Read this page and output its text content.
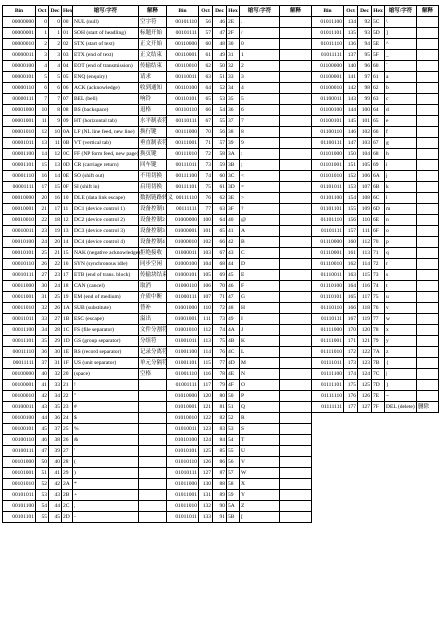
Bin	Oct	Dec	Hex	缩写/字符	解释
00000000	0	0	00	NUL (null)	空字符
00000001	1	1	01	SOH (start of headling)	标题开始
00000010	2	2	02	STX (start of text)	正文开始
00000011	3	3	03	ETX (end of text)	正文结束
00000100	4	4	04	EOT (end of transmission)	传输结束
00000101	5	5	05	ENQ (enquiry)	请求
00000110	6	6	06	ACK (acknowledge)	收到通知
00000111	7	7	07	BEL (bell)	响铃
00001000	10	8	08	BS (backspace)	退格
00001001	11	9	09	HT (horizontal tab)	水平制表符
00001010	12	10	0A	LF (NL line feed, new line)	换行键
00001011	13	11	0B	VT (vertical tab)	垂直制表符
00001100	14	12	0C	FF (NP form feed, new page)	换页键
00001101	15	13	0D	CR (carriage return)	回车键
00001110	16	14	0E	SO (shift out)	不用切换
00001111	17	15	0F	SI (shift in)	启用切换
00010000	20	16	10	DLE (data link escape)	数据链路转义
00010001	21	17	11	DC1 (device control 1)	设备控制1
00010010	22	18	12	DC2 (device control 2)	设备控制2
00010011	23	19	13	DC3 (device control 3)	设备控制3
00010100	24	20	14	DC4 (device control 4)	设备控制4
00010101	25	21	15	NAK (negative acknowledge)	拒绝接收
00010110	26	22	16	SYN (synchronous idle)	同步空闲
00010111	27	23	17	ETB (end of trans. block)	传输块结束
00011000	30	24	18	CAN (cancel)	取消
00011001	31	25	19	EM (end of medium)	介质中断
00011010	32	26	1A	SUB (substitute)	替补
00011011	33	27	1B	ESC (escape)	溢出
00011100	34	28	1C	FS (file separator)	文件分割符
00011101	35	29	1D	GS (group separator)	分组符
00011110	36	30	1E	RS (record separator)	记录分离符
00011111	37	31	1F	US (unit separator)	单元分隔符
00100000	40	32	20	(space)	空格
00100001	41	33	21	!	
00100010	42	34	22	"	
00100011	43	35	23	#	
00100100	44	36	24	$	
00100101	45	37	25	%	
00100110	46	38	26	&	
00100111	47	39	27	'	
00101000	50	40	28	(	
00101001	51	41	29	)	
00101010	52	42	2A	*	
00101011	53	43	2B	+	
00101100	54	44	2C	,	
00101101	55	45	2D	-	
Bin	Oct	Dec	Hex	缩写/字符	解释
00101110	56	46	2E	.	
00101111	57	47	2F	/	
00110000	60	48	30	0	
00110001	61	49	31	1	
00110010	62	50	32	2	
00110011	63	51	33	3	
00110100	64	52	34	4	
00110101	65	53	35	5	
00110110	66	54	36	6	
00110111	67	55	37	7	
00111000	70	56	38	8	
00111001	71	57	39	9	
00111010	72	58	3A	:	
00111011	73	59	3B	;	
00111100	74	60	3C	<	
00111101	75	61	3D	=	
00111110	76	62	3E	>	
00111111	77	63	3F	?	
01000000	100	64	40	@	
01000001	101	65	41	A	
01000010	102	66	42	B	
01000011	103	67	43	C	
01000100	104	68	44	D	
01000101	105	69	45	E	
01000110	106	70	46	F	
01000111	107	71	47	G	
01001000	110	72	48	H	
01001001	111	73	49	I	
01001010	112	74	4A	J	
01001011	113	75	4B	K	
01001100	114	76	4C	L	
01001101	115	77	4D	M	
01001110	116	78	4E	N	
01001111	117	79	4F	O	
01010000	120	80	50	P	
01010001	121	81	51	Q	
01010010	122	82	52	R	
01010011	123	83	53	S	
01010100	124	84	54	T	
01010101	125	85	55	U	
01010110	126	86	56	V	
01010111	127	87	57	W	
01011000	130	88	58	X	
01011001	131	89	59	Y	
01011010	132	90	5A	Z	
01011011	133	91	5B	[	
Bin	Oct	Dec	Hex	缩写/字符	解释
01011100	134	92	5C	\	
01011101	135	93	5D	]	
01011110	136	94	5E	^	
01011111	137	95	5F	_	
01100000	140	96	60	`	
01100001	141	97	61	a	
01100010	142	98	62	b	
01100011	143	99	63	c	
01100100	144	100	64	d	
01100101	145	101	65	e	
01100110	146	102	66	f	
01100111	147	103	67	g	
01101000	150	104	68	h	
01101001	151	105	69	i	
01101010	152	106	6A	j	
01101011	153	107	6B	k	
01101100	154	108	6C	l	
01101101	155	109	6D	m	
01101110	156	110	6E	n	
01101111	157	111	6F	o	
01110000	160	112	70	p	
01110001	161	113	71	q	
01110010	162	114	72	r	
01110011	163	115	73	s	
01110100	164	116	74	t	
01110101	165	117	75	u	
01110110	166	118	76	v	
01110111	167	119	77	w	
01111000	170	120	78	x	
01111001	171	121	79	y	
01111010	172	122	7A	z	
01111011	173	123	7B	{	
01111100	174	124	7C	|	
01111101	175	125	7D	}	
01111110	176	126	7E	~	
01111111	177	127	7F	DEL (delete)	删除
